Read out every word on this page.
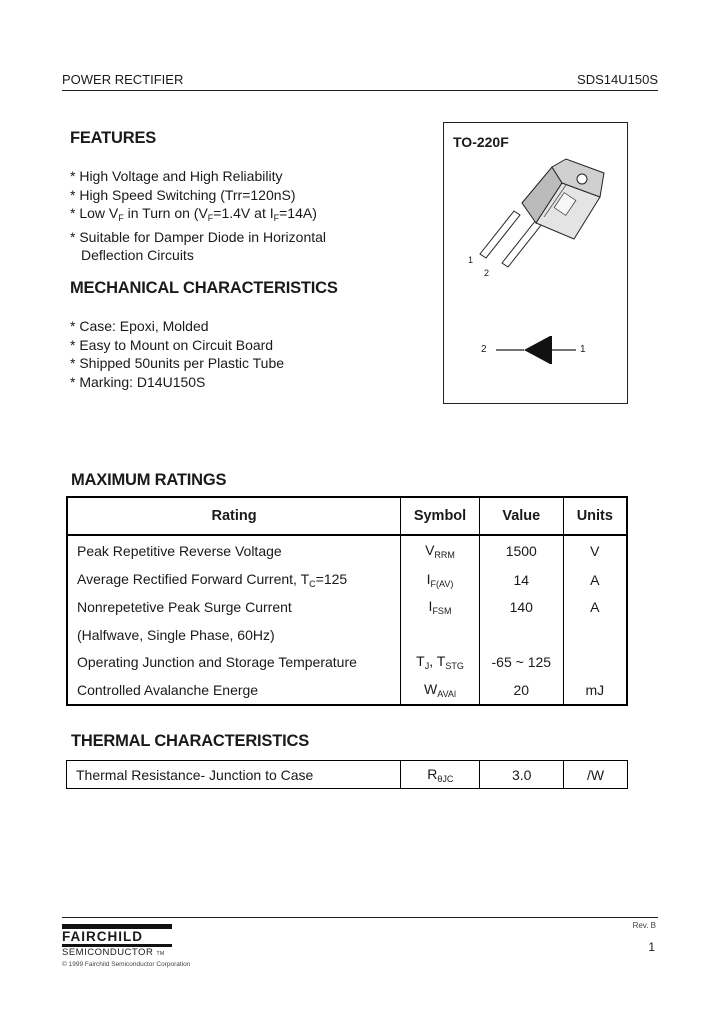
POWER RECTIFIER	SDS14U150S
FEATURES
* High Voltage and High Reliability
* High Speed Switching (Trr=120nS)
* Low $V_F$ in Turn on ($V_F=1.4V$ at $I_F=14A$)
* Suitable for Damper Diode in Horizontal
Deflection Circuits
MECHANICAL CHARACTERISTICS
* Case: Epoxi, Molded
* Easy to Mount on Circuit Board
* Shipped 50units per Plastic Tube
* Marking: D14U150S
TO-220F
1
2
2	1
MAXIMUM RATINGS
Rating	Symbol	Value	Units
Peak Repetitive Reverse Voltage	$V_{RRM}$	1500	V
Average Rectified Forward Current, $T_C=125$	$I_{F(AV)}$	14	A
Nonrepetetive Peak Surge Current	$I_{FSM}$	140	A
(Halfwave, Single Phase, 60Hz)			
Operating Junction and Storage Temperature	$T_J$, $T_{STG}$	-65 ~ 125	
Controlled Avalanche Energe	$W_{AVAl}$	20	mJ
THERMAL CHARACTERISTICS
Thermal Resistance- Junction to Case	$R_{\theta JC}$	3.0	/W
FAIRCHILD
SEMICONDUCTOR TM
© 1999 Fairchild Semiconductor Corporation
Rev. B
1
